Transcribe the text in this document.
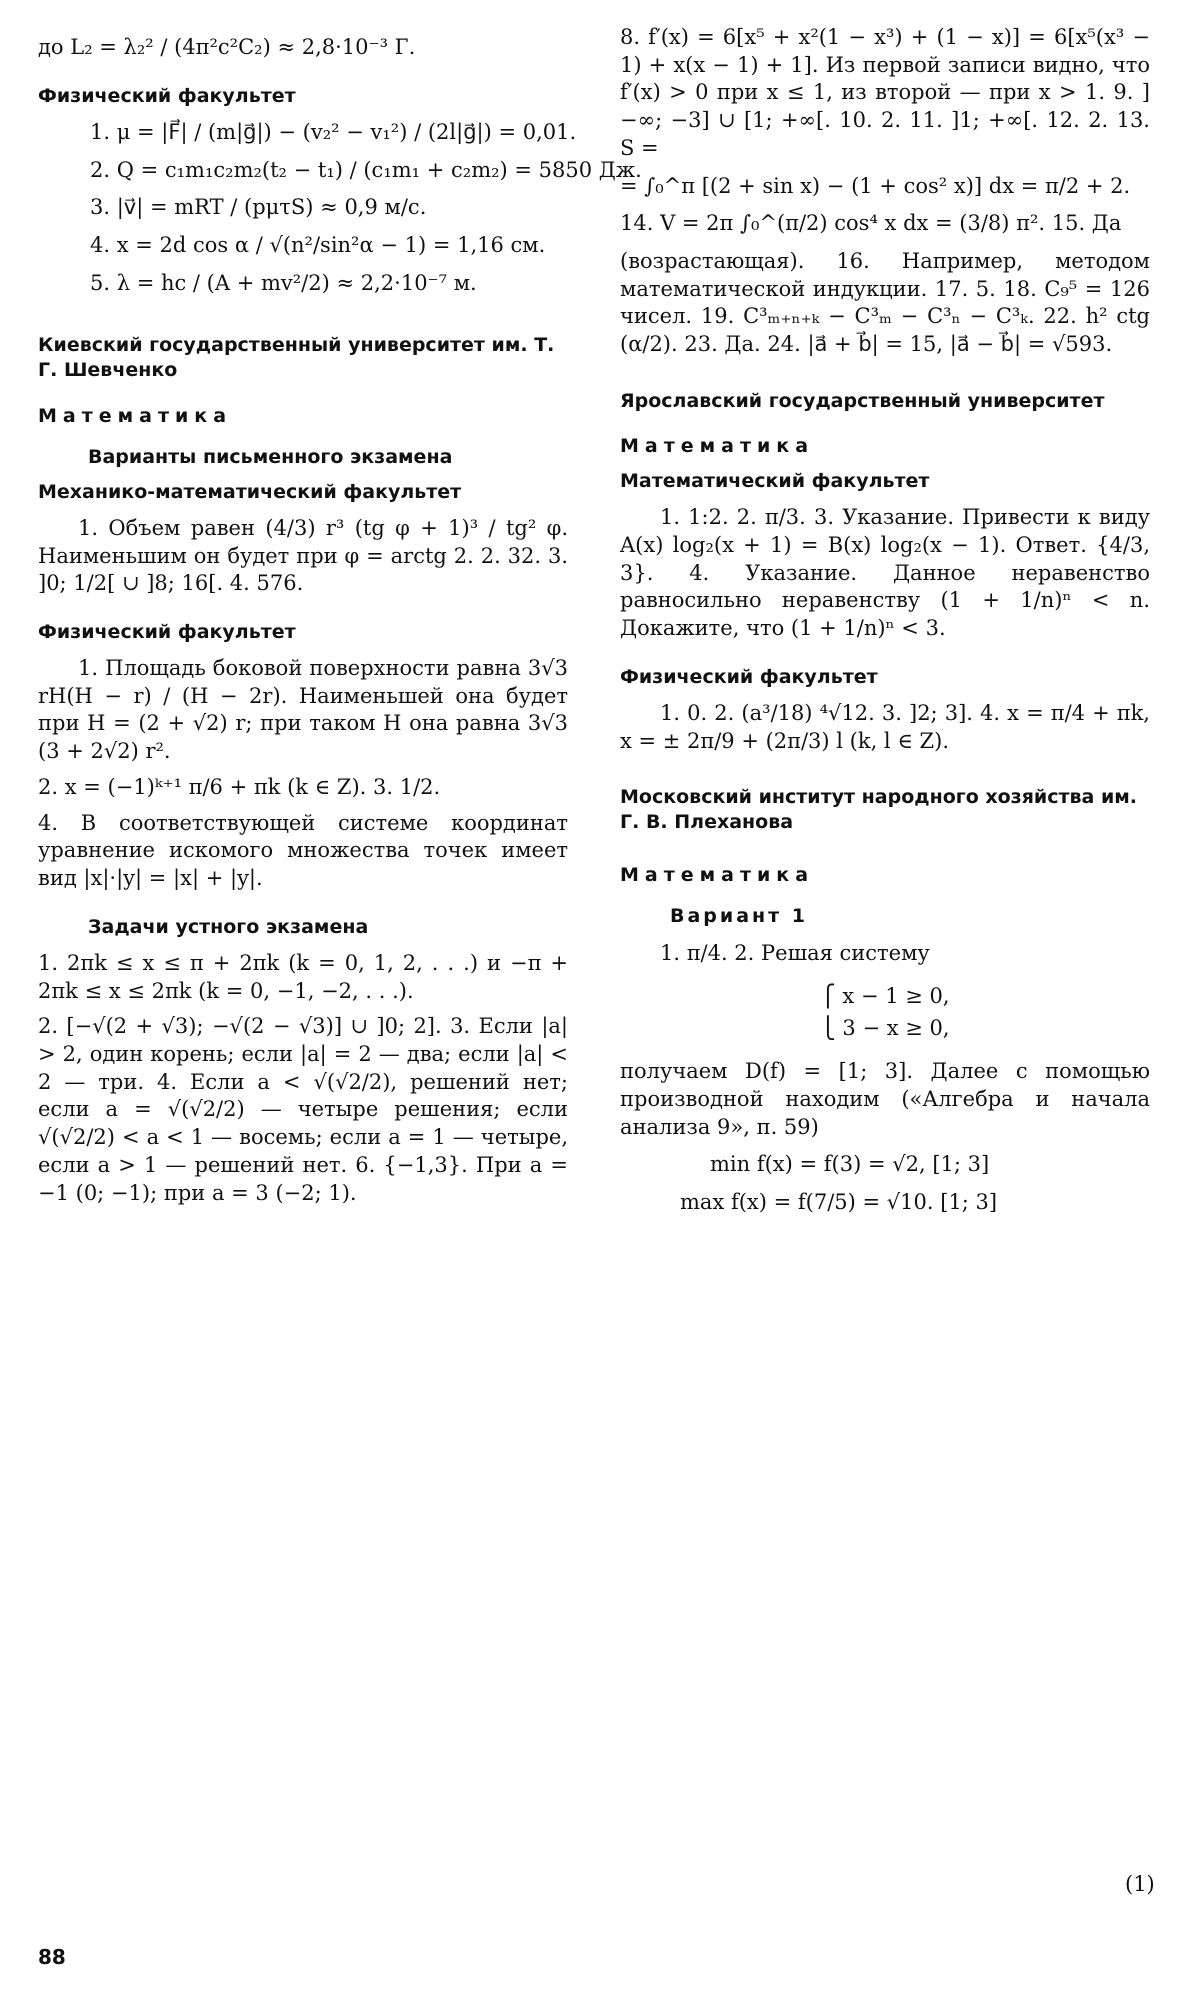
до L₂ = λ₂² / (4π²c²C₂) ≈ 2,8·10⁻³ Г.
Физический факультет
1. μ = |F⃗| / (m|g⃗|) − (v₂² − v₁²) / (2l|g⃗|) = 0,01.
2. Q = c₁m₁c₂m₂(t₂ − t₁) / (c₁m₁ + c₂m₂) = 5850 Дж.
3. |v⃗| = mRT / (pμτS) ≈ 0,9 м/с.
4. x = 2d cos α / √(n²/sin²α − 1) = 1,16 см.
5. λ = hc / (A + mv²/2) ≈ 2,2·10⁻⁷ м.
Киевский государственный университет им. Т. Г. Шевченко
Математика
Варианты письменного экзамена
Механико-математический факультет
1. Объем равен (4/3) r³ (tg φ + 1)³ / tg² φ. Наименьшим он будет при φ = arctg 2. 2. 32. 3. ]0; 1/2[ ∪ ]8; 16[. 4. 576.
Физический факультет
1. Площадь боковой поверхности равна 3√3 rH(H − r) / (H − 2r). Наименьшей она будет при H = (2 + √2) r; при таком H она равна 3√3 (3 + 2√2) r².
2. x = (−1)ᵏ⁺¹ π/6 + πk (k ∈ Z). 3. 1/2.
4. В соответствующей системе координат уравнение искомого множества точек имеет вид |x|·|y| = |x| + |y|.
Задачи устного экзамена
1. 2πk ≤ x ≤ π + 2πk (k = 0, 1, 2, . . .) и −π + 2πk ≤ x ≤ 2πk (k = 0, −1, −2, . . .).
2. [−√(2 + √3); −√(2 − √3)] ∪ ]0; 2]. 3. Если |a| > 2, один корень; если |a| = 2 — два; если |a| < 2 — три. 4. Если a < √(√2/2), решений нет; если a = √(√2/2) — четыре решения; если √(√2/2) < a < 1 — восемь; если a = 1 — четыре, если a > 1 — решений нет. 6. {−1,3}. При a = −1 (0; −1); при a = 3 (−2; 1).
8. f′(x) = 6[x⁵ + x²(1 − x³) + (1 − x)] = 6[x⁵(x³ − 1) + x(x − 1) + 1]. Из первой записи видно, что f′(x) > 0 при x ≤ 1, из второй — при x > 1. 9. ]−∞; −3] ∪ [1; +∞[. 10. 2. 11. ]1; +∞[. 12. 2. 13. S =
= ∫₀^π [(2 + sin x) − (1 + cos² x)] dx = π/2 + 2.
14. V = 2π ∫₀^(π/2) cos⁴ x dx = (3/8) π². 15. Да
(возрастающая). 16. Например, методом математической индукции. 17. 5. 18. C₉⁵ = 126 чисел. 19. C³ₘ₊ₙ₊ₖ − C³ₘ − C³ₙ − C³ₖ. 22. h² ctg (α/2). 23. Да. 24. |a⃗ + b⃗| = 15, |a⃗ − b⃗| = √593.
Ярославский государственный университет
Математика
Математический факультет
1. 1:2. 2. π/3. 3. Указание. Привести к виду A(x) log₂(x + 1) = B(x) log₂(x − 1). Ответ. {4/3, 3}. 4. Указание. Данное неравенство равносильно неравенству (1 + 1/n)ⁿ < n. Докажите, что (1 + 1/n)ⁿ < 3.
Физический факультет
1. 0. 2. (a³/18) ⁴√12. 3. ]2; 3]. 4. x = π/4 + πk, x = ± 2π/9 + (2π/3) l (k, l ∈ Z).
Московский институт народного хозяйства им. Г. В. Плеханова
Математика
Вариант 1
1. π/4. 2. Решая систему
⎧ x − 1 ≥ 0,
⎩ 3 − x ≥ 0,
получаем D(f) = [1; 3]. Далее с помощью производной находим («Алгебра и начала анализа 9», п. 59)
min f(x) = f(3) = √2, [1; 3]
max f(x) = f(7/5) = √10. [1; 3]
(1)
88
